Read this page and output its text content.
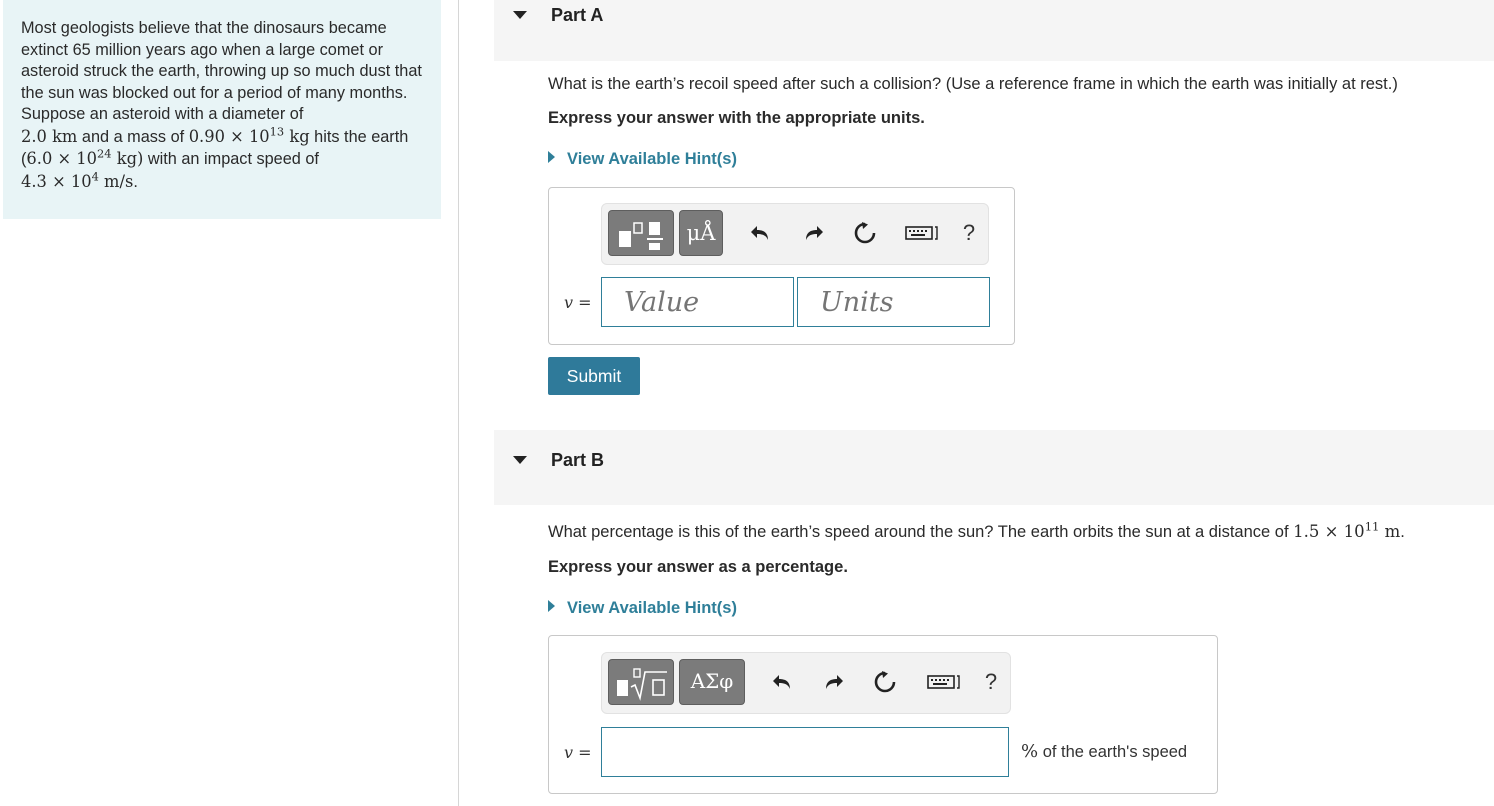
Most geologists believe that the dinosaurs became extinct 65 million years ago when a large comet or asteroid struck the earth, throwing up so much dust that the sun was blocked out for a period of many months. Suppose an asteroid with a diameter of
2.0 km and a mass of $0.90 \times 10^{13}$ kg hits the earth ($6.0 \times 10^{24}$ kg) with an impact speed of
$4.3 \times 10^4$ m/s.

Part A
What is the earth’s recoil speed after such a collision? (Use a reference frame in which the earth was initially at rest.)
Express your answer with the appropriate units.
View Available Hint(s)
μÅ	?
v =
Value
Units
Submit
Part B
What percentage is this of the earth’s speed around the sun? The earth orbits the sun at a distance of $1.5 \times 10^{11}$ m.
Express your answer as a percentage.
View Available Hint(s)
ΑΣφ	?
v =	% of the earth's speed
